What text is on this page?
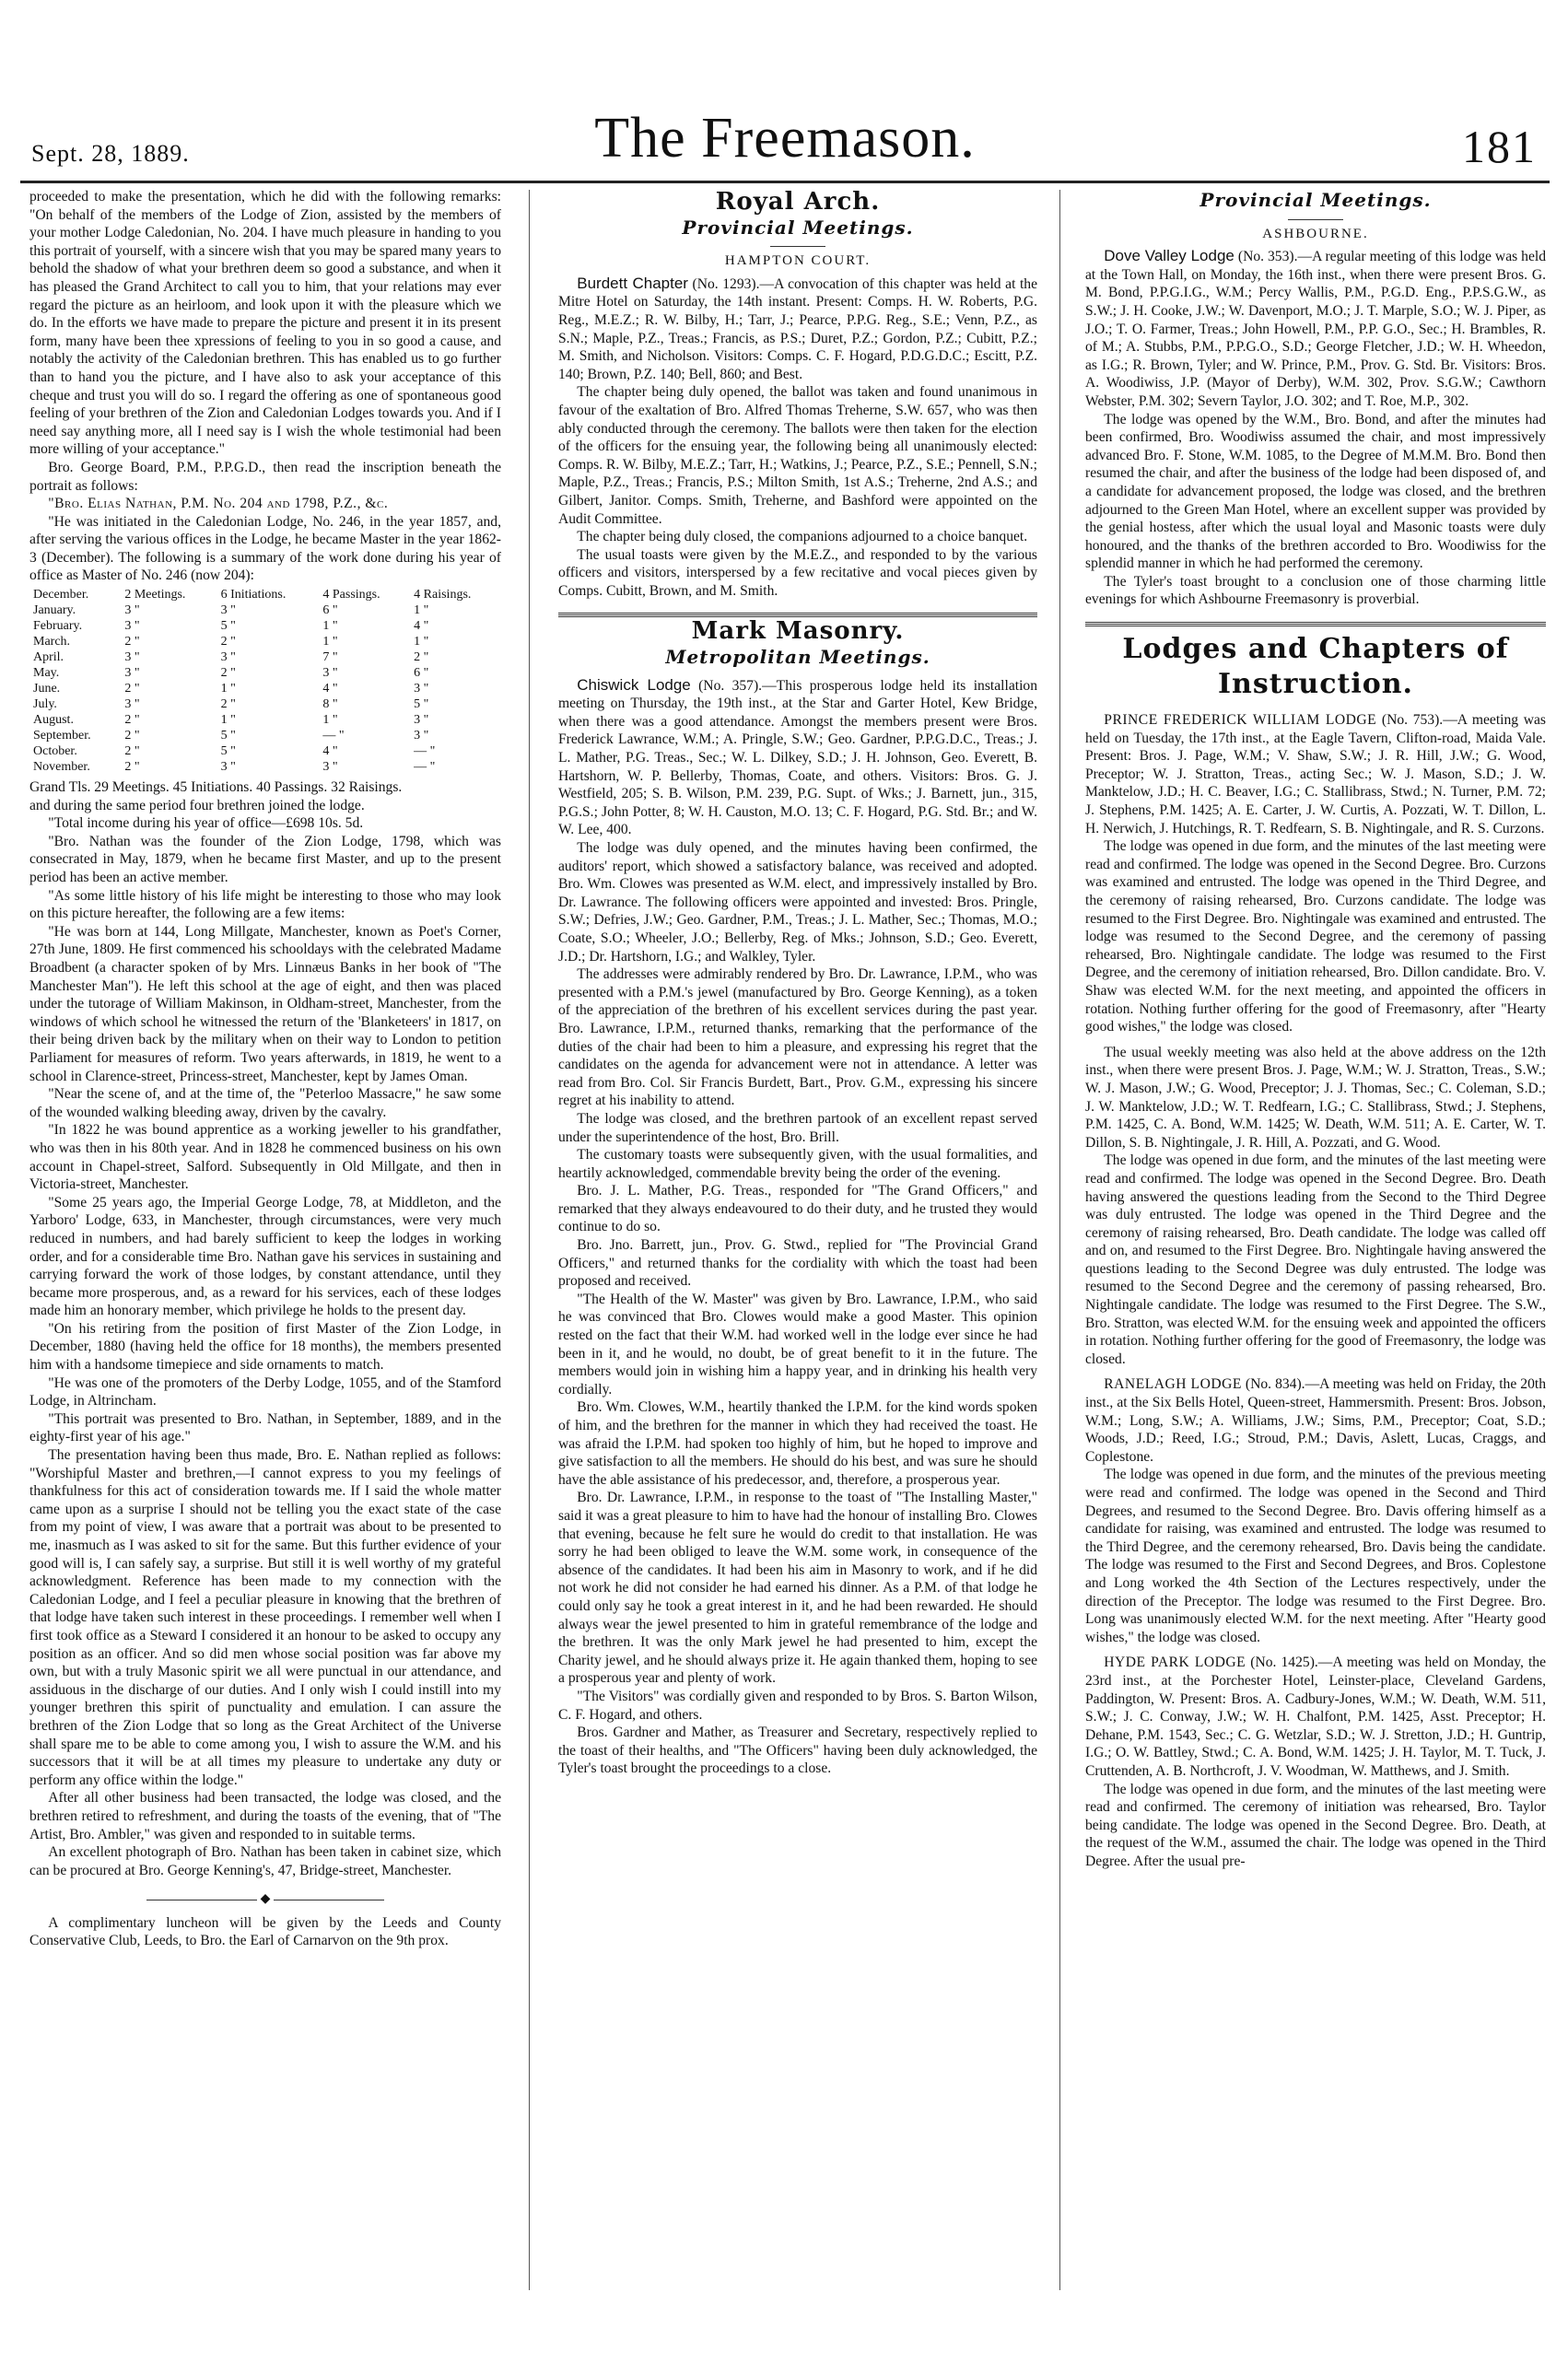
Sept. 28, 1889.	The Freemason.	181

proceeded to make the presentation, which he did with the following remarks: "On behalf of the members of the Lodge of Zion, assisted by the members of your mother Lodge Caledonian, No. 204. I have much pleasure in handing to you this portrait of yourself, with a sincere wish that you may be spared many years to behold the shadow of what your brethren deem so good a substance, and when it has pleased the Grand Architect to call you to him, that your relations may ever regard the picture as an heirloom, and look upon it with the pleasure which we do. In the efforts we have made to prepare the picture and present it in its present form, many have been thee xpressions of feeling to you in so good a cause, and notably the activity of the Caledonian brethren. This has enabled us to go further than to hand you the picture, and I have also to ask your acceptance of this cheque and trust you will do so. I regard the offering as one of spontaneous good feeling of your brethren of the Zion and Caledonian Lodges towards you. And if I need say anything more, all I need say is I wish the whole testimonial had been more willing of your acceptance."

Bro. George Board, P.M., P.P.G.D., then read the inscription beneath the portrait as follows:

"Bro. Elias Nathan, P.M. No. 204 and 1798, P.Z., &c.

"He was initiated in the Caledonian Lodge, No. 246, in the year 1857, and, after serving the various offices in the Lodge, he became Master in the year 1862-3 (December). The following is a summary of the work done during his year of office as Master of No. 246 (now 204):

December.	2 Meetings.	6 Initiations.	4 Passings.	4 Raisings.
January.	3 "	3 "	6 "	1 "
February.	3 "	5 "	1 "	4 "
March.	2 "	2 "	1 "	1 "
April.	3 "	3 "	7 "	2 "
May.	3 "	2 "	3 "	6 "
June.	2 "	1 "	4 "	3 "
July.	3 "	2 "	8 "	5 "
August.	2 "	1 "	1 "	3 "
September.	2 "	5 "	— "	3 "
October.	2 "	5 "	4 "	— "
November.	2 "	3 "	3 "	— "

Grand Tls. 29 Meetings. 45 Initiations. 40 Passings. 32 Raisings.

and during the same period four brethren joined the lodge.

"Total income during his year of office—£698 10s. 5d.

"Bro. Nathan was the founder of the Zion Lodge, 1798, which was consecrated in May, 1879, when he became first Master, and up to the present period has been an active member.

"As some little history of his life might be interesting to those who may look on this picture hereafter, the following are a few items:

"He was born at 144, Long Millgate, Manchester, known as Poet's Corner, 27th June, 1809. He first commenced his schooldays with the celebrated Madame Broadbent (a character spoken of by Mrs. Linnæus Banks in her book of "The Manchester Man"). He left this school at the age of eight, and then was placed under the tutorage of William Makinson, in Oldham-street, Manchester, from the windows of which school he witnessed the return of the 'Blanketeers' in 1817, on their being driven back by the military when on their way to London to petition Parliament for measures of reform. Two years afterwards, in 1819, he went to a school in Clarence-street, Princess-street, Manchester, kept by James Oman.

"Near the scene of, and at the time of, the "Peterloo Massacre," he saw some of the wounded walking bleeding away, driven by the cavalry.

"In 1822 he was bound apprentice as a working jeweller to his grandfather, who was then in his 80th year. And in 1828 he commenced business on his own account in Chapel-street, Salford. Subsequently in Old Millgate, and then in Victoria-street, Manchester.

"Some 25 years ago, the Imperial George Lodge, 78, at Middleton, and the Yarboro' Lodge, 633, in Manchester, through circumstances, were very much reduced in numbers, and had barely sufficient to keep the lodges in working order, and for a considerable time Bro. Nathan gave his services in sustaining and carrying forward the work of those lodges, by constant attendance, until they became more prosperous, and, as a reward for his services, each of these lodges made him an honorary member, which privilege he holds to the present day.

"On his retiring from the position of first Master of the Zion Lodge, in December, 1880 (having held the office for 18 months), the members presented him with a handsome timepiece and side ornaments to match.

"He was one of the promoters of the Derby Lodge, 1055, and of the Stamford Lodge, in Altrincham.

"This portrait was presented to Bro. Nathan, in September, 1889, and in the eighty-first year of his age."

The presentation having been thus made, Bro. E. Nathan replied as follows: "Worshipful Master and brethren,—I cannot express to you my feelings of thankfulness for this act of consideration towards me. If I said the whole matter came upon as a surprise I should not be telling you the exact state of the case from my point of view, I was aware that a portrait was about to be presented to me, inasmuch as I was asked to sit for the same. But this further evidence of your good will is, I can safely say, a surprise. But still it is well worthy of my grateful acknowledgment. Reference has been made to my connection with the Caledonian Lodge, and I feel a peculiar pleasure in knowing that the brethren of that lodge have taken such interest in these proceedings. I remember well when I first took office as a Steward I considered it an honour to be asked to occupy any position as an officer. And so did men whose social position was far above my own, but with a truly Masonic spirit we all were punctual in our attendance, and assiduous in the discharge of our duties. And I only wish I could instill into my younger brethren this spirit of punctuality and emulation. I can assure the brethren of the Zion Lodge that so long as the Great Architect of the Universe shall spare me to be able to come among you, I wish to assure the W.M. and his successors that it will be at all times my pleasure to undertake any duty or perform any office within the lodge."

After all other business had been transacted, the lodge was closed, and the brethren retired to refreshment, and during the toasts of the evening, that of "The Artist, Bro. Ambler," was given and responded to in suitable terms.

An excellent photograph of Bro. Nathan has been taken in cabinet size, which can be procured at Bro. George Kenning's, 47, Bridge-street, Manchester.

◆

A complimentary luncheon will be given by the Leeds and County Conservative Club, Leeds, to Bro. the Earl of Carnarvon on the 9th prox.

Royal Arch.
Provincial Meetings.
HAMPTON COURT.

Burdett Chapter (No. 1293).—A convocation of this chapter was held at the Mitre Hotel on Saturday, the 14th instant. Present: Comps. H. W. Roberts, P.G. Reg., M.E.Z.; R. W. Bilby, H.; Tarr, J.; Pearce, P.P.G. Reg., S.E.; Venn, P.Z., as S.N.; Maple, P.Z., Treas.; Francis, as P.S.; Duret, P.Z.; Gordon, P.Z.; Cubitt, P.Z.; M. Smith, and Nicholson. Visitors: Comps. C. F. Hogard, P.D.G.D.C.; Escitt, P.Z. 140; Brown, P.Z. 140; Bell, 860; and Best.

The chapter being duly opened, the ballot was taken and found unanimous in favour of the exaltation of Bro. Alfred Thomas Treherne, S.W. 657, who was then ably conducted through the ceremony. The ballots were then taken for the election of the officers for the ensuing year, the following being all unanimously elected: Comps. R. W. Bilby, M.E.Z.; Tarr, H.; Watkins, J.; Pearce, P.Z., S.E.; Pennell, S.N.; Maple, P.Z., Treas.; Francis, P.S.; Milton Smith, 1st A.S.; Treherne, 2nd A.S.; and Gilbert, Janitor. Comps. Smith, Treherne, and Bashford were appointed on the Audit Committee.

The chapter being duly closed, the companions adjourned to a choice banquet.

The usual toasts were given by the M.E.Z., and responded to by the various officers and visitors, interspersed by a few recitative and vocal pieces given by Comps. Cubitt, Brown, and M. Smith.

Mark Masonry.
Metropolitan Meetings.

Chiswick Lodge (No. 357).—This prosperous lodge held its installation meeting on Thursday, the 19th inst., at the Star and Garter Hotel, Kew Bridge, when there was a good attendance. Amongst the members present were Bros. Frederick Lawrance, W.M.; A. Pringle, S.W.; Geo. Gardner, P.P.G.D.C., Treas.; J. L. Mather, P.G. Treas., Sec.; W. L. Dilkey, S.D.; J. H. Johnson, Geo. Everett, B. Hartshorn, W. P. Bellerby, Thomas, Coate, and others. Visitors: Bros. G. J. Westfield, 205; S. B. Wilson, P.M. 239, P.G. Supt. of Wks.; J. Barnett, jun., 315, P.G.S.; John Potter, 8; W. H. Causton, M.O. 13; C. F. Hogard, P.G. Std. Br.; and W. W. Lee, 400.

The lodge was duly opened, and the minutes having been confirmed, the auditors' report, which showed a satisfactory balance, was received and adopted. Bro. Wm. Clowes was presented as W.M. elect, and impressively installed by Bro. Dr. Lawrance. The following officers were appointed and invested: Bros. Pringle, S.W.; Defries, J.W.; Geo. Gardner, P.M., Treas.; J. L. Mather, Sec.; Thomas, M.O.; Coate, S.O.; Wheeler, J.O.; Bellerby, Reg. of Mks.; Johnson, S.D.; Geo. Everett, J.D.; Dr. Hartshorn, I.G.; and Walkley, Tyler.

The addresses were admirably rendered by Bro. Dr. Lawrance, I.P.M., who was presented with a P.M.'s jewel (manufactured by Bro. George Kenning), as a token of the appreciation of the brethren of his excellent services during the past year. Bro. Lawrance, I.P.M., returned thanks, remarking that the performance of the duties of the chair had been to him a pleasure, and expressing his regret that the candidates on the agenda for advancement were not in attendance. A letter was read from Bro. Col. Sir Francis Burdett, Bart., Prov. G.M., expressing his sincere regret at his inability to attend.

The lodge was closed, and the brethren partook of an excellent repast served under the superintendence of the host, Bro. Brill.

The customary toasts were subsequently given, with the usual formalities, and heartily acknowledged, commendable brevity being the order of the evening.

Bro. J. L. Mather, P.G. Treas., responded for "The Grand Officers," and remarked that they always endeavoured to do their duty, and he trusted they would continue to do so.

Bro. Jno. Barrett, jun., Prov. G. Stwd., replied for "The Provincial Grand Officers," and returned thanks for the cordiality with which the toast had been proposed and received.

"The Health of the W. Master" was given by Bro. Lawrance, I.P.M., who said he was convinced that Bro. Clowes would make a good Master. This opinion rested on the fact that their W.M. had worked well in the lodge ever since he had been in it, and he would, no doubt, be of great benefit to it in the future. The members would join in wishing him a happy year, and in drinking his health very cordially.

Bro. Wm. Clowes, W.M., heartily thanked the I.P.M. for the kind words spoken of him, and the brethren for the manner in which they had received the toast. He was afraid the I.P.M. had spoken too highly of him, but he hoped to improve and give satisfaction to all the members. He should do his best, and was sure he should have the able assistance of his predecessor, and, therefore, a prosperous year.

Bro. Dr. Lawrance, I.P.M., in response to the toast of "The Installing Master," said it was a great pleasure to him to have had the honour of installing Bro. Clowes that evening, because he felt sure he would do credit to that installation. He was sorry he had been obliged to leave the W.M. some work, in consequence of the absence of the candidates. It had been his aim in Masonry to work, and if he did not work he did not consider he had earned his dinner. As a P.M. of that lodge he could only say he took a great interest in it, and he had been rewarded. He should always wear the jewel presented to him in grateful remembrance of the lodge and the brethren. It was the only Mark jewel he had presented to him, except the Charity jewel, and he should always prize it. He again thanked them, hoping to see a prosperous year and plenty of work.

"The Visitors" was cordially given and responded to by Bros. S. Barton Wilson, C. F. Hogard, and others.

Bros. Gardner and Mather, as Treasurer and Secretary, respectively replied to the toast of their healths, and "The Officers" having been duly acknowledged, the Tyler's toast brought the proceedings to a close.

Provincial Meetings.
ASHBOURNE.

Dove Valley Lodge (No. 353).—A regular meeting of this lodge was held at the Town Hall, on Monday, the 16th inst., when there were present Bros. G. M. Bond, P.P.G.I.G., W.M.; Percy Wallis, P.M., P.G.D. Eng., P.P.S.G.W., as S.W.; J. H. Cooke, J.W.; W. Davenport, M.O.; J. T. Marple, S.O.; W. J. Piper, as J.O.; T. O. Farmer, Treas.; John Howell, P.M., P.P. G.O., Sec.; H. Brambles, R. of M.; A. Stubbs, P.M., P.P.G.O., S.D.; George Fletcher, J.D.; W. H. Wheedon, as I.G.; R. Brown, Tyler; and W. Prince, P.M., Prov. G. Std. Br. Visitors: Bros. A. Woodiwiss, J.P. (Mayor of Derby), W.M. 302, Prov. S.G.W.; Cawthorn Webster, P.M. 302; Severn Taylor, J.O. 302; and T. Roe, M.P., 302.

The lodge was opened by the W.M., Bro. Bond, and after the minutes had been confirmed, Bro. Woodiwiss assumed the chair, and most impressively advanced Bro. F. Stone, W.M. 1085, to the Degree of M.M.M. Bro. Bond then resumed the chair, and after the business of the lodge had been disposed of, and a candidate for advancement proposed, the lodge was closed, and the brethren adjourned to the Green Man Hotel, where an excellent supper was provided by the genial hostess, after which the usual loyal and Masonic toasts were duly honoured, and the thanks of the brethren accorded to Bro. Woodiwiss for the splendid manner in which he had performed the ceremony.

The Tyler's toast brought to a conclusion one of those charming little evenings for which Ashbourne Freemasonry is proverbial.

Lodges and Chapters of
Instruction.

PRINCE FREDERICK WILLIAM LODGE (No. 753).—A meeting was held on Tuesday, the 17th inst., at the Eagle Tavern, Clifton-road, Maida Vale. Present: Bros. J. Page, W.M.; V. Shaw, S.W.; J. R. Hill, J.W.; G. Wood, Preceptor; W. J. Stratton, Treas., acting Sec.; W. J. Mason, S.D.; J. W. Manktelow, J.D.; H. C. Beaver, I.G.; C. Stallibrass, Stwd.; N. Turner, P.M. 72; J. Stephens, P.M. 1425; A. E. Carter, J. W. Curtis, A. Pozzati, W. T. Dillon, L. H. Nerwich, J. Hutchings, R. T. Redfearn, S. B. Nightingale, and R. S. Curzons.

The lodge was opened in due form, and the minutes of the last meeting were read and confirmed. The lodge was opened in the Second Degree. Bro. Curzons was examined and entrusted. The lodge was opened in the Third Degree, and the ceremony of raising rehearsed, Bro. Curzons candidate. The lodge was resumed to the First Degree. Bro. Nightingale was examined and entrusted. The lodge was resumed to the Second Degree, and the ceremony of passing rehearsed, Bro. Nightingale candidate. The lodge was resumed to the First Degree, and the ceremony of initiation rehearsed, Bro. Dillon candidate. Bro. V. Shaw was elected W.M. for the next meeting, and appointed the officers in rotation. Nothing further offering for the good of Freemasonry, after "Hearty good wishes," the lodge was closed.

The usual weekly meeting was also held at the above address on the 12th inst., when there were present Bros. J. Page, W.M.; W. J. Stratton, Treas., S.W.; W. J. Mason, J.W.; G. Wood, Preceptor; J. J. Thomas, Sec.; C. Coleman, S.D.; J. W. Manktelow, J.D.; W. T. Redfearn, I.G.; C. Stallibrass, Stwd.; J. Stephens, P.M. 1425, C. A. Bond, W.M. 1425; W. Death, W.M. 511; A. E. Carter, W. T. Dillon, S. B. Nightingale, J. R. Hill, A. Pozzati, and G. Wood.

The lodge was opened in due form, and the minutes of the last meeting were read and confirmed. The lodge was opened in the Second Degree. Bro. Death having answered the questions leading from the Second to the Third Degree was duly entrusted. The lodge was opened in the Third Degree and the ceremony of raising rehearsed, Bro. Death candidate. The lodge was called off and on, and resumed to the First Degree. Bro. Nightingale having answered the questions leading to the Second Degree was duly entrusted. The lodge was resumed to the Second Degree and the ceremony of passing rehearsed, Bro. Nightingale candidate. The lodge was resumed to the First Degree. The S.W., Bro. Stratton, was elected W.M. for the ensuing week and appointed the officers in rotation. Nothing further offering for the good of Freemasonry, the lodge was closed.

RANELAGH LODGE (No. 834).—A meeting was held on Friday, the 20th inst., at the Six Bells Hotel, Queen-street, Hammersmith. Present: Bros. Jobson, W.M.; Long, S.W.; A. Williams, J.W.; Sims, P.M., Preceptor; Coat, S.D.; Woods, J.D.; Reed, I.G.; Stroud, P.M.; Davis, Aslett, Lucas, Craggs, and Coplestone.

The lodge was opened in due form, and the minutes of the previous meeting were read and confirmed. The lodge was opened in the Second and Third Degrees, and resumed to the Second Degree. Bro. Davis offering himself as a candidate for raising, was examined and entrusted. The lodge was resumed to the Third Degree, and the ceremony rehearsed, Bro. Davis being the candidate. The lodge was resumed to the First and Second Degrees, and Bros. Coplestone and Long worked the 4th Section of the Lectures respectively, under the direction of the Preceptor. The lodge was resumed to the First Degree. Bro. Long was unanimously elected W.M. for the next meeting. After "Hearty good wishes," the lodge was closed.

HYDE PARK LODGE (No. 1425).—A meeting was held on Monday, the 23rd inst., at the Porchester Hotel, Leinster-place, Cleveland Gardens, Paddington, W. Present: Bros. A. Cadbury-Jones, W.M.; W. Death, W.M. 511, S.W.; J. C. Conway, J.W.; W. H. Chalfont, P.M. 1425, Asst. Preceptor; H. Dehane, P.M. 1543, Sec.; C. G. Wetzlar, S.D.; W. J. Stretton, J.D.; H. Guntrip, I.G.; O. W. Battley, Stwd.; C. A. Bond, W.M. 1425; J. H. Taylor, M. T. Tuck, J. Cruttenden, A. B. Northcroft, J. V. Woodman, W. Matthews, and J. Smith.

The lodge was opened in due form, and the minutes of the last meeting were read and confirmed. The ceremony of initiation was rehearsed, Bro. Taylor being candidate. The lodge was opened in the Second Degree. Bro. Death, at the request of the W.M., assumed the chair. The lodge was opened in the Third Degree. After the usual pre-
